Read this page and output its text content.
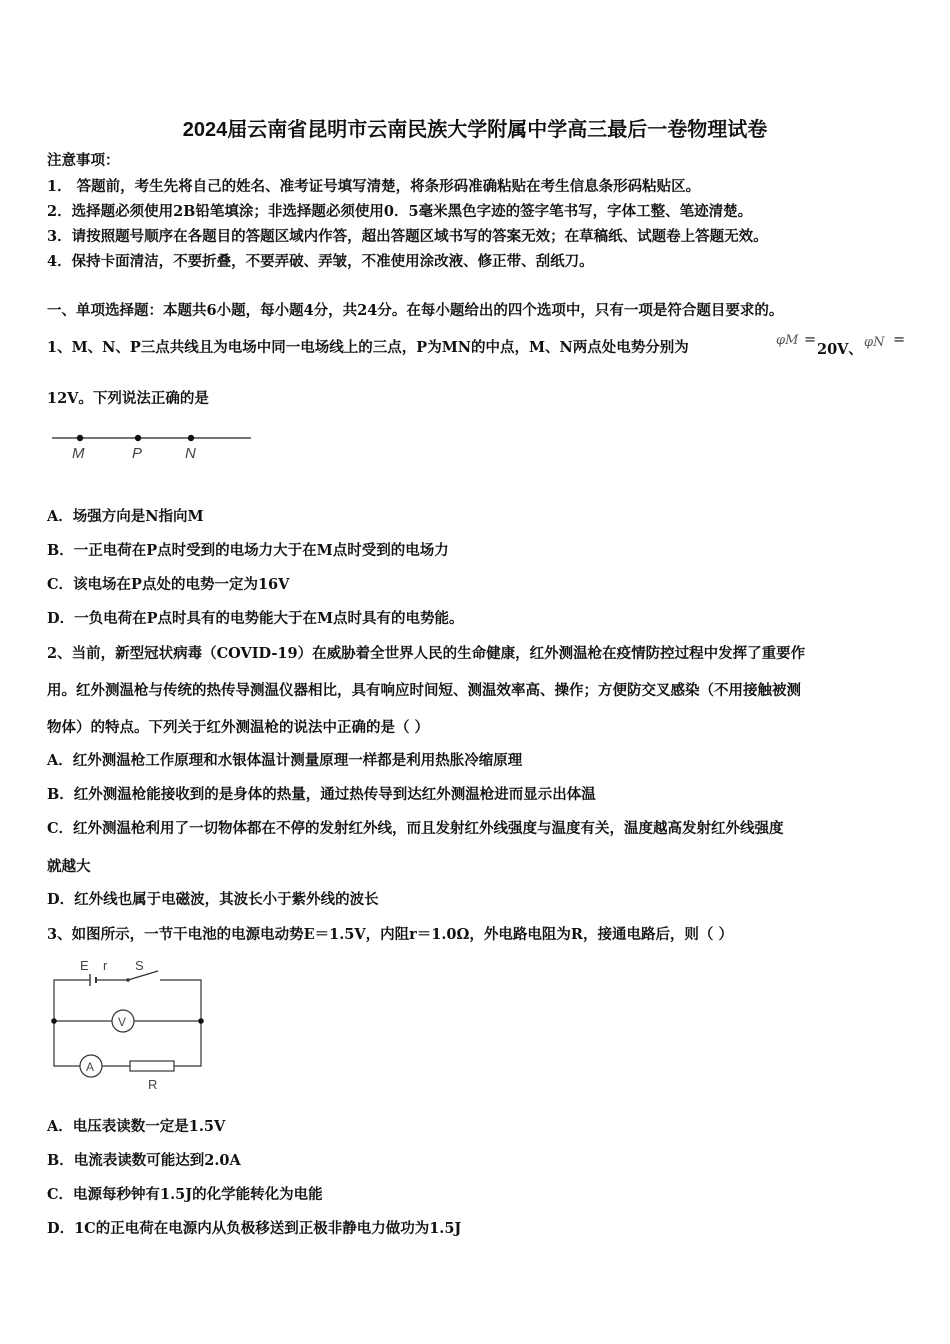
2024届云南省昆明市云南民族大学附属中学高三最后一卷物理试卷
注意事项：
1． 答题前，考生先将自己的姓名、准考证号填写清楚，将条形码准确粘贴在考生信息条形码粘贴区。
2．选择题必须使用2B铅笔填涂；非选择题必须使用0．5毫米黑色字迹的签字笔书写，字体工整、笔迹清楚。
3．请按照题号顺序在各题目的答题区域内作答，超出答题区域书写的答案无效；在草稿纸、试题卷上答题无效。
4．保持卡面清洁，不要折叠，不要弄破、弄皱，不准使用涂改液、修正带、刮纸刀。
一、单项选择题：本题共6小题，每小题4分，共24分。在每小题给出的四个选项中，只有一项是符合题目要求的。
1、M、N、P三点共线且为电场中同一电场线上的三点，P为MN的中点，M、N两点处电势分别为	φM =
20V、 φN =
12V。下列说法正确的是
M	P	N
A．场强方向是N指向M
B．一正电荷在P点时受到的电场力大于在M点时受到的电场力
C．该电场在P点处的电势一定为16V
D．一负电荷在P点时具有的电势能大于在M点时具有的电势能。
2、当前，新型冠状病毒（COVID-19）在威胁着全世界人民的生命健康，红外测温枪在疫情防控过程中发挥了重要作
用。红外测温枪与传统的热传导测温仪器相比，具有响应时间短、测温效率高、操作；方便防交叉感染（不用接触被测
物体）的特点。下列关于红外测温枪的说法中正确的是（ ）
A．红外测温枪工作原理和水银体温计测量原理一样都是利用热胀冷缩原理
B．红外测温枪能接收到的是身体的热量，通过热传导到达红外测温枪进而显示出体温
C．红外测温枪利用了一切物体都在不停的发射红外线，而且发射红外线强度与温度有关，温度越高发射红外线强度
就越大
D．红外线也属于电磁波，其波长小于紫外线的波长
3、如图所示，一节干电池的电源电动势E＝1.5V，内阻r＝1.0Ω，外电路电阻为R，接通电路后，则（ ）
E r S
V
A
R
A．电压表读数一定是1.5V
B．电流表读数可能达到2.0A
C．电源每秒钟有1.5J的化学能转化为电能
D．1C的正电荷在电源内从负极移送到正极非静电力做功为1.5J
